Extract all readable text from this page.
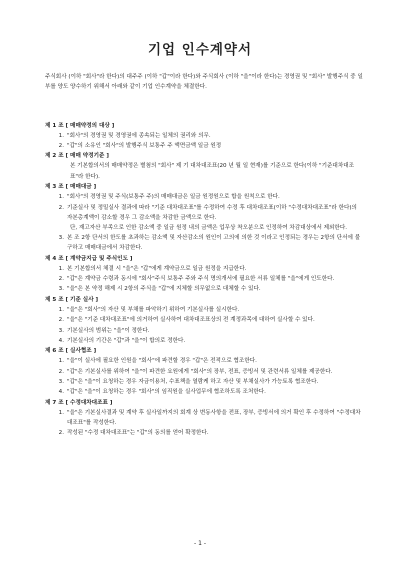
기업 인수계약서
주식회사 (이하 "회사"라 한다)의 대주주 (이하 "갑"이라 한다)와 주식회사 (이하 "을"이라 한다)는 경영권 및 "회사" 발행주식 중 일부를 양도 양수하기 위해서 아래와 같이 기업 인수계약을 체결한다.
제 1 조 [ 매매약정의 대상 ]
1. "회사"의 경영권 및 경영권에 종속되는 일체의 권리와 의무.
2. "갑"의 소유인 "회사"의 발행주식 보통주 주 액면금액 일금 원정
제 2 조 [ 매매 약정기준 ]
본 기본합의서의 매매약정은 별첨의 "회사" 제 기 대차대조표(20 년 월 일 현재)를 기준으로 한다(이하 "기준대차대조표"라 한다).
제 3 조 [ 매매대금 ]
1. "회사"의 경영권 및 주식(보통주 주)의 매매대금은 일금 원정원으로 합을 원칙으로 한다.
2. 기준실사 및 정밀실사 결과에 따라 "기준 대차대조표"를 수정하여 수정 후 대차대조표(이하 "수정대차대조표"라 한다)의 자본총계액이 감소할 경우 그 감소액을 차감한 금액으로 한다.
단, 재고자산 부족으로 인한 감소액 중 일금 원정 내의 금액은 업무상 착오분으로 인정하여 차감대상에서 제외한다.
3. 본 조 2항 단서의 한도를 초과하는 감소액 및 자산감소의 원인이 고의에 의한 것 이라고 인정되는 경우는 2항의 단서에 불구하고 매매대금에서 차감한다.
제 4 조 [ 계약금지급 및 주식인도 ]
1. 본 기본합의서 체결 시 "을"은 "갑"에게 계약금으로 일금 원정을 지급한다.
2. "갑"은 계약금 수령과 동시에 "회사"주식 보통주 주와 주식 명의개서에 필요한 서류 일체를 "을"에게 인도한다.
3. "을"은 본 약정 해제 시 2항의 주식을 "갑"에 지체할 의무없으로 대체할 수 있다.
제 5 조 [ 기준 실사 ]
1. "을"은 "회사"의 자산 및 부채를 파악하기 위하여 기본실사를 실시한다.
2. "을"은 "기준 대차대조표"에 의거하여 실사하여 대차대조표상의 전 계정과목에 대하여 실사할 수 있다.
3. 기본실사의 범위는 "을"이 정한다.
4. 기본실사의 기간은 "갑"과 "을"이 합의로 정한다.
제 6 조 [ 실사협조 ]
1. "을"이 실사에 필요한 인원을 "회사"에 파견할 경우 "갑"은 전적으로 협조한다.
2. "갑"은 기본실사를 위하여 "을"이 파견한 요원에게 "회사"의 장부, 전표, 증빙서 및 관련서류 일체를 제공한다.
3. "갑"은 "을"이 요청하는 경우 자금이용처, 수표책을 열람케 하고 자산 및 부채실사가 가능토록 협조한다.
4. "갑"은 "을"이 요청하는 경우 "회사"의 임직원을 실사업무에 협조하도록 조처한다.
제 7 조 [ 수정대차대조표 ]
1. "을"은 기본실사결과 및 계약 후 실사일까지의 회계 상 변동사항을 전표, 장부, 증빙서에 의거 확인 후 수정하여 "수정대차대조표"를 작성한다.
2. 작성된 "수정 대차대조표"는 "갑"의 동의를 얻어 확정한다.
- 1 -
